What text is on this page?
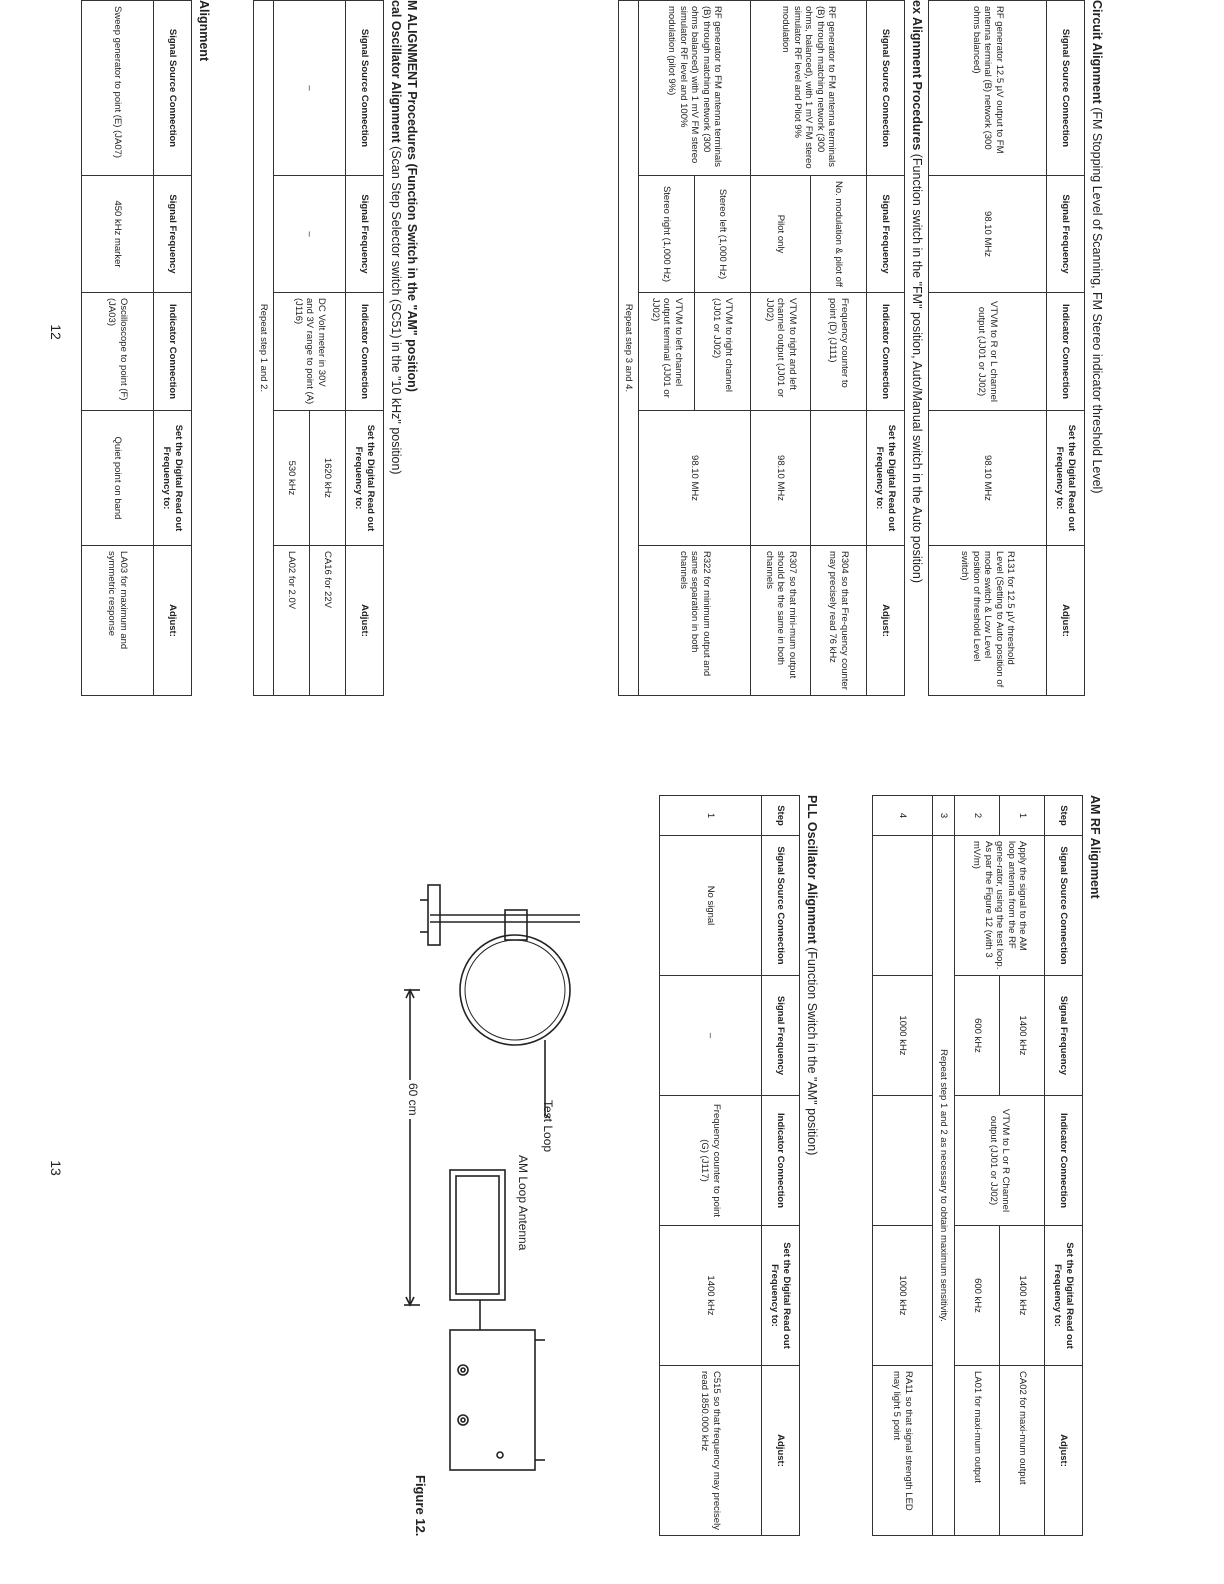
Circuit Alignment (FM Stopping Level of Scanning, FM Stereo indicator threshold Level)
Signal Source Connection	Signal Frequency	Indicator Connection	Set the Digital Read out Frequency to:	Adjust:
RF generator 12.5 µV output to FM antenna terminal (B) network (300 ohms balanced)	98.10 MHz	VTVM to R or L channel output (JJ01 or JJ02)	98.10 MHz	R131 for 12.5 µV threshold Level (Setting to Auto position of mode switch & Low Level position of threshold Level switch)
ex Alignment Procedures (Function switch in the "FM" position, Auto/Manual switch in the Auto position)
Signal Source Connection	Signal Frequency	Indicator Connection	Set the Digital Read out Frequency to:	Adjust:
RF generator to FM antenna terminals (B) through matching network (300 ohms, balanced), with 1 mV FM stereo simulator RF level and Pilot 9% modulation	No. modulation & pilot off	Frequency counter to point (D) (J111)		R304 so that Fre-quency counter may precisely read 76 kHz
	Pilot only	VTVM to right and left channel output (JJ01 or JJ02)	98.10 MHz	R307 so that mini-mum output should be the same in both channels
RF generator to FM antenna terminals (B) through matching network (300 ohms balanced) with 1 mV FM stereo simulator RF level and 100% modulation (pilot 9%)	Stereo left (1,000 Hz)	VTVM to right channel (JJ01 or JJ02)	98.10 MHz	R322 for minimum output and same separation in both channels
	Stereo right (1,000 Hz)	VTVM to left channel output terminal (JJ01 or JJ02)		
Repeat step 3 and 4.				
M ALIGNMENT Procedures (Function Switch in the "AM" position)
cal Oscillator Alignment (Scan Step Selector switch (SC51) in the "10 kHz" position)
Signal Source Connection	Signal Frequency	Indicator Connection	Set the Digital Read out Frequency to:	Adjust:
–	–	DC Volt meter in 30V and 3V range to point (A) (J116)	1620 kHz	CA16 for 22V
			530 kHz	LA02 for 2.0V
Repeat step 1 and 2.				
Alignment
Signal Source Connection	Signal Frequency	Indicator Connection	Set the Digital Read out Frequency to:	Adjust:
Sweep generator to point (E) (JA07)	450 kHz marker	Oscilloscope to point (F) (JA03)	Quiet point on band	LA03 for maximum and symmetric response
12
AM RF Alignment
Step	Signal Source Connection	Signal Frequency	Indicator Connection	Set the Digital Read out Frequency to:	Adjust:
1	Apply the signal to the AM loop antenna from the RF gene-rator, using the test loop. As par the Figure 12 (with 3 mV/m)	1400 kHz	VTVM to L or R Channel output (JJ01 or JJ02)	1400 kHz	CA02 for maxi-mum output
2		600 kHz		600 kHz	LA01 for maxi-mum output
3	Repeat step 1 and 2 as necessary to obtain maximum sensitivity.				
4		1000 kHz		1000 kHz	RA11 so that signal strength LED may light 5 point
PLL Oscillator Alignment (Function Switch in the "AM" position)
Step	Signal Source Connection	Signal Frequency	Indicator Connection	Set the Digital Read out Frequency to:	Adjust:
1	No signal	–	Frequency counter to point (G) (J117)	1400 kHz	C515 so that frequency may precisely read 1850.000 kHz
Test Loop
AM Loop Antenna
60 cm
Figure 12.
13
